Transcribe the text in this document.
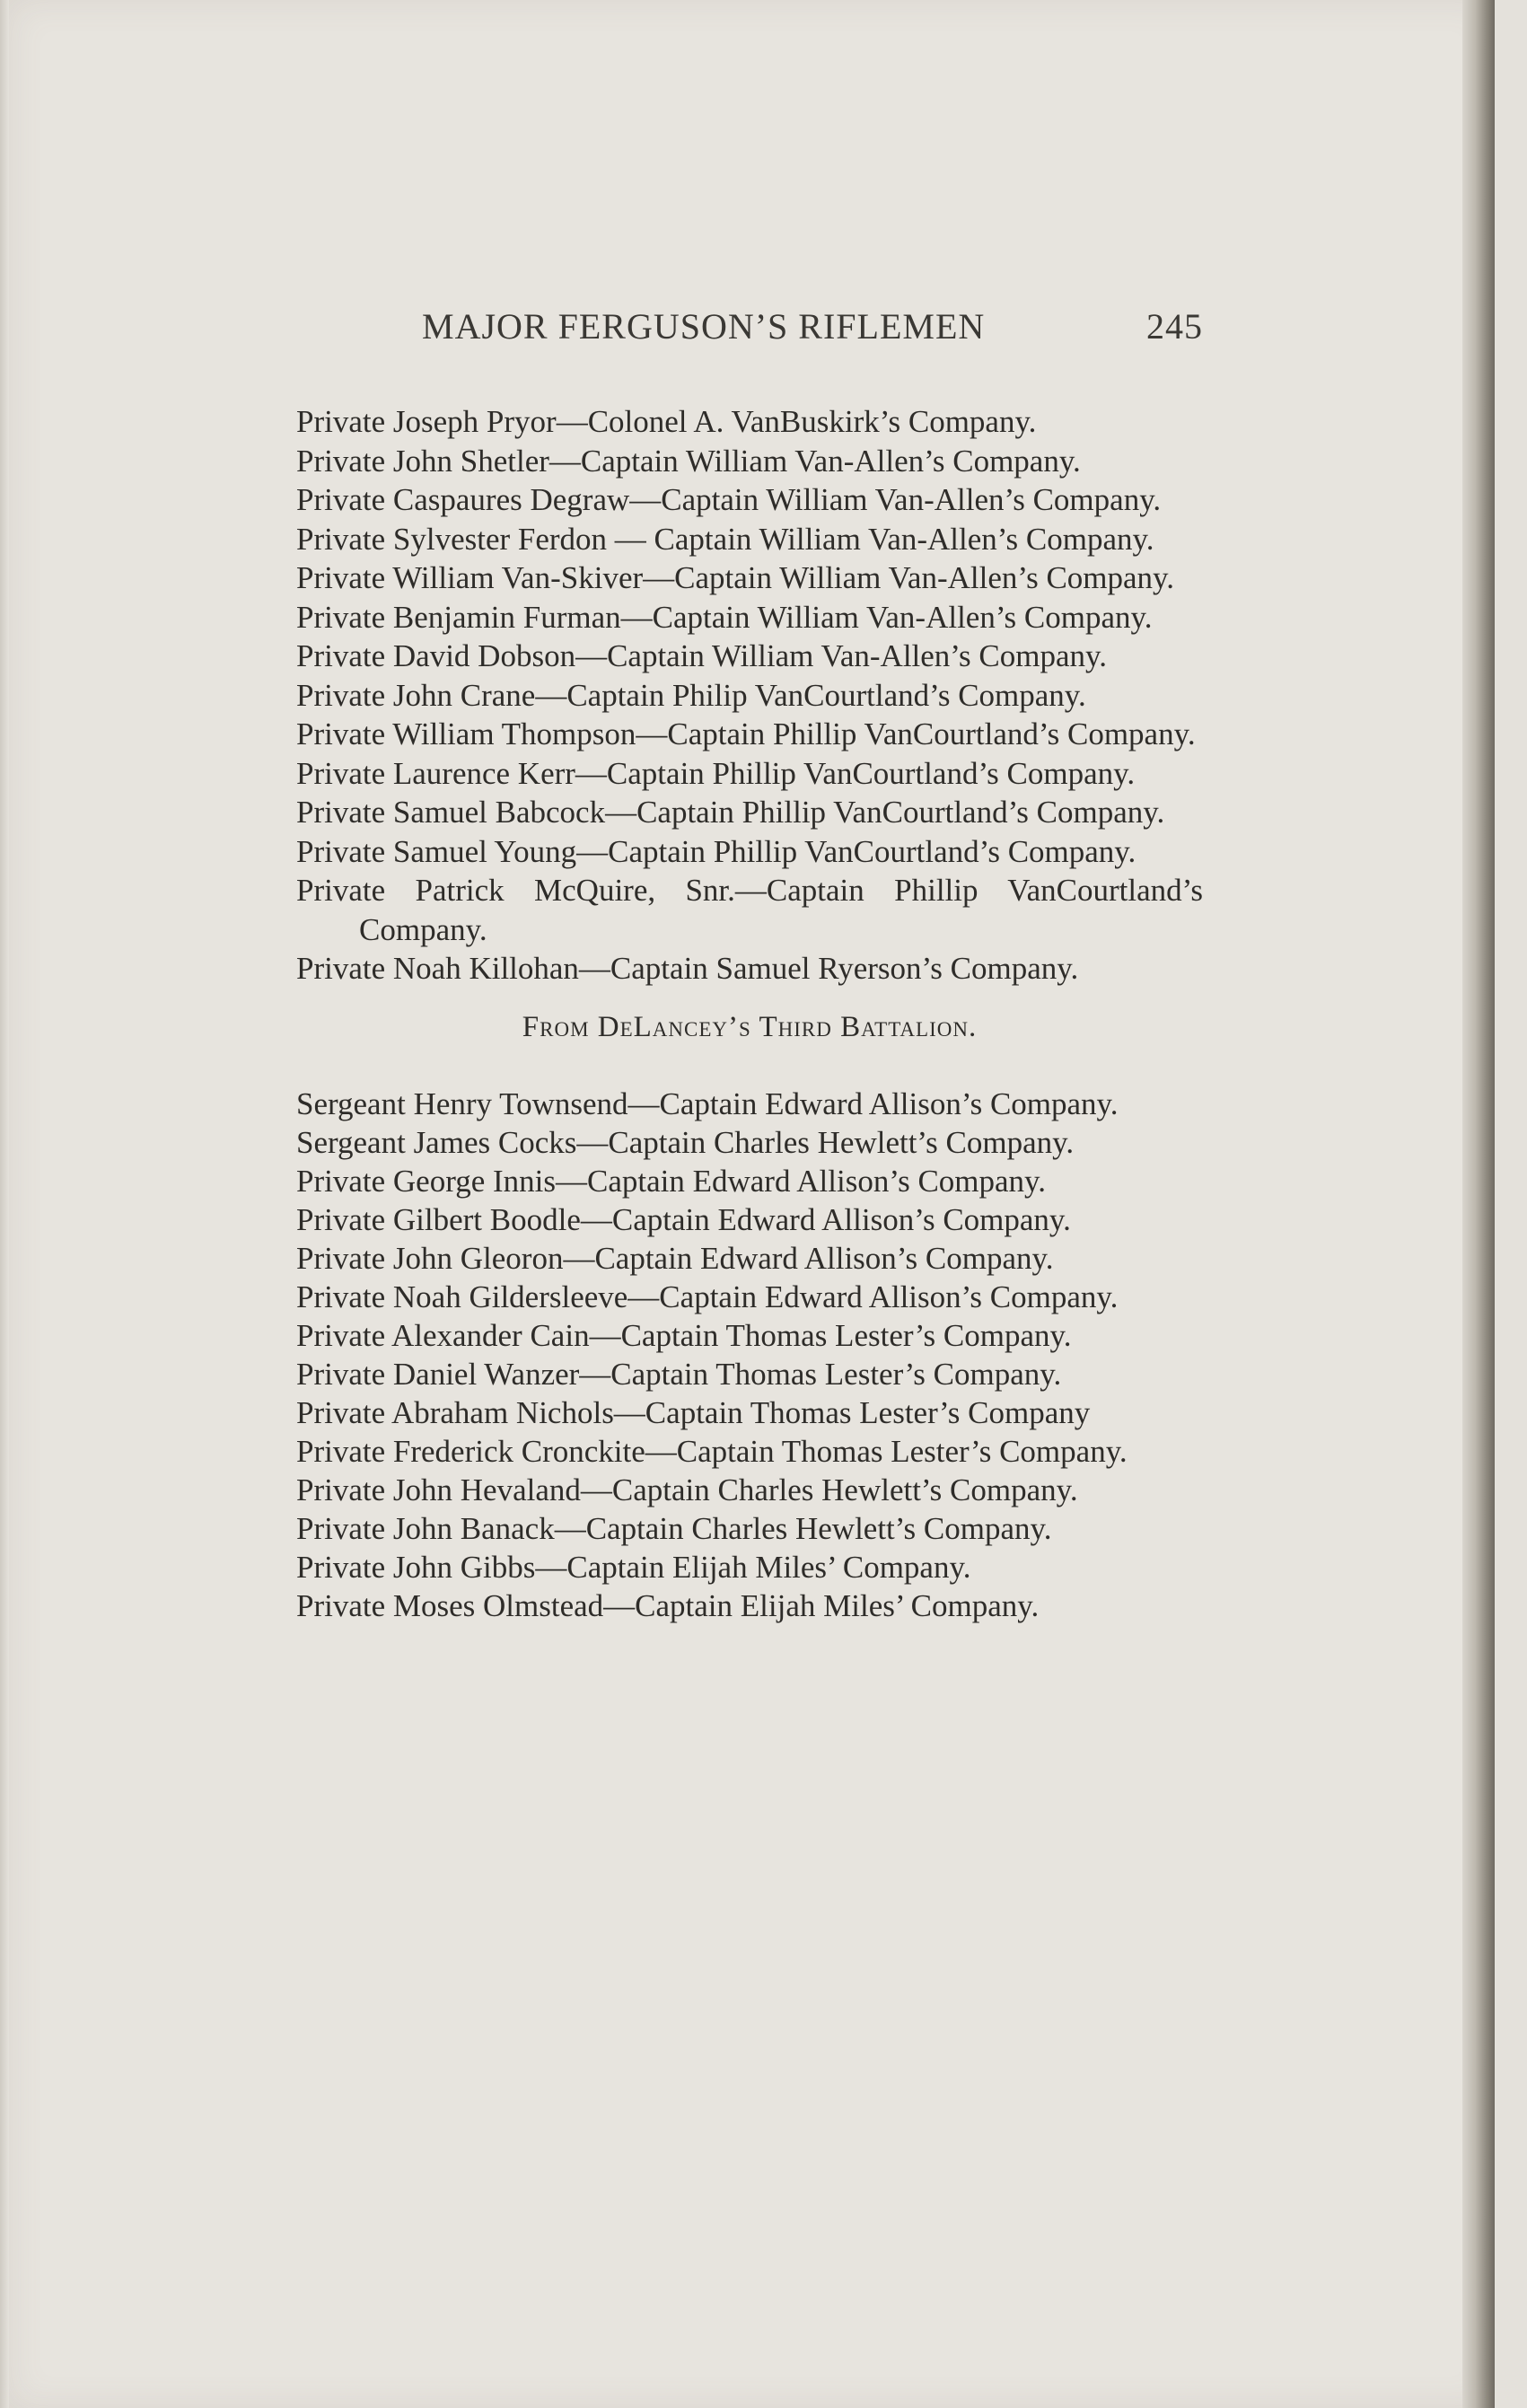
MAJOR FERGUSON’S RIFLEMEN	245

Private Joseph Pryor—Colonel A. VanBuskirk’s Company.

Private John Shetler—Captain William Van-Allen’s Company.

Private Caspaures Degraw—Captain William Van-Allen’s Company.

Private Sylvester Ferdon — Captain William Van-Allen’s Company.

Private William Van-Skiver—Captain William Van-Allen’s Company.

Private Benjamin Furman—Captain William Van-Allen’s Company.

Private David Dobson—Captain William Van-Allen’s Company.

Private John Crane—Captain Philip VanCourtland’s Company.

Private William Thompson—Captain Phillip VanCourtland’s Company.

Private Laurence Kerr—Captain Phillip VanCourtland’s Company.

Private Samuel Babcock—Captain Phillip VanCourtland’s Company.

Private Samuel Young—Captain Phillip VanCourtland’s Company.

Private Patrick McQuire, Snr.—Captain Phillip VanCourtland’s Company.

Private Noah Killohan—Captain Samuel Ryerson’s Company.

From DeLancey’s Third Battalion.

Sergeant Henry Townsend—Captain Edward Allison’s Company.

Sergeant James Cocks—Captain Charles Hewlett’s Company.

Private George Innis—Captain Edward Allison’s Company.

Private Gilbert Boodle—Captain Edward Allison’s Company.

Private John Gleoron—Captain Edward Allison’s Company.

Private Noah Gildersleeve—Captain Edward Allison’s Company.

Private Alexander Cain—Captain Thomas Lester’s Company.

Private Daniel Wanzer—Captain Thomas Lester’s Company.

Private Abraham Nichols—Captain Thomas Lester’s Company

Private Frederick Cronckite—Captain Thomas Lester’s Company.

Private John Hevaland—Captain Charles Hewlett’s Company.

Private John Banack—Captain Charles Hewlett’s Company.

Private John Gibbs—Captain Elijah Miles’ Company.

Private Moses Olmstead—Captain Elijah Miles’ Company.
